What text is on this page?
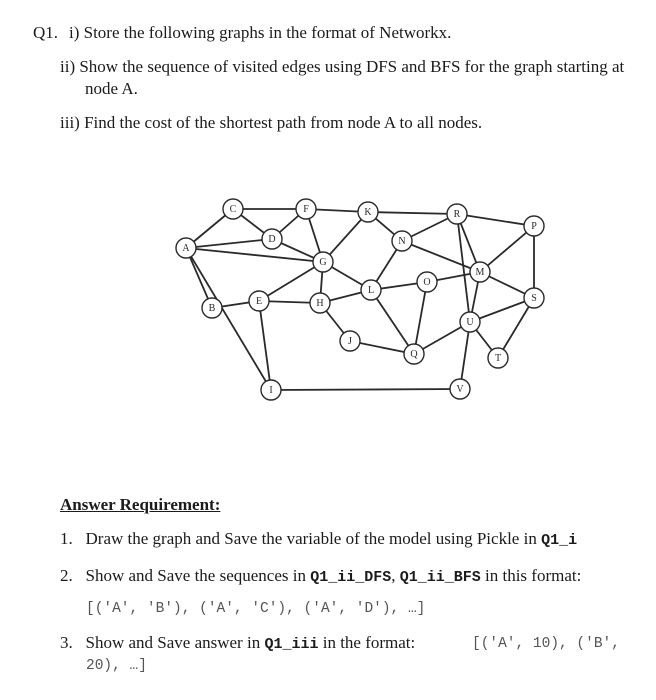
Q1. i) Store the following graphs in the format of Networkx.
ii) Show the sequence of visited edges using DFS and BFS for the graph starting at
node A.
iii) Find the cost of the shortest path from node A to all nodes.
A
B
C
D
E
F
G
H
I
J
K
L
N
O
Q
R
M
P
S
U
V
T
Answer Requirement:
1. Draw the graph and Save the variable of the model using Pickle in Q1_i
2. Show and Save the sequences in Q1_ii_DFS, Q1_ii_BFS in this format:
[('A', 'B'), ('A', 'C'), ('A', 'D'), …]
3. Show and Save answer in Q1_iii in the format:	[('A', 10), ('B',
20), …]
